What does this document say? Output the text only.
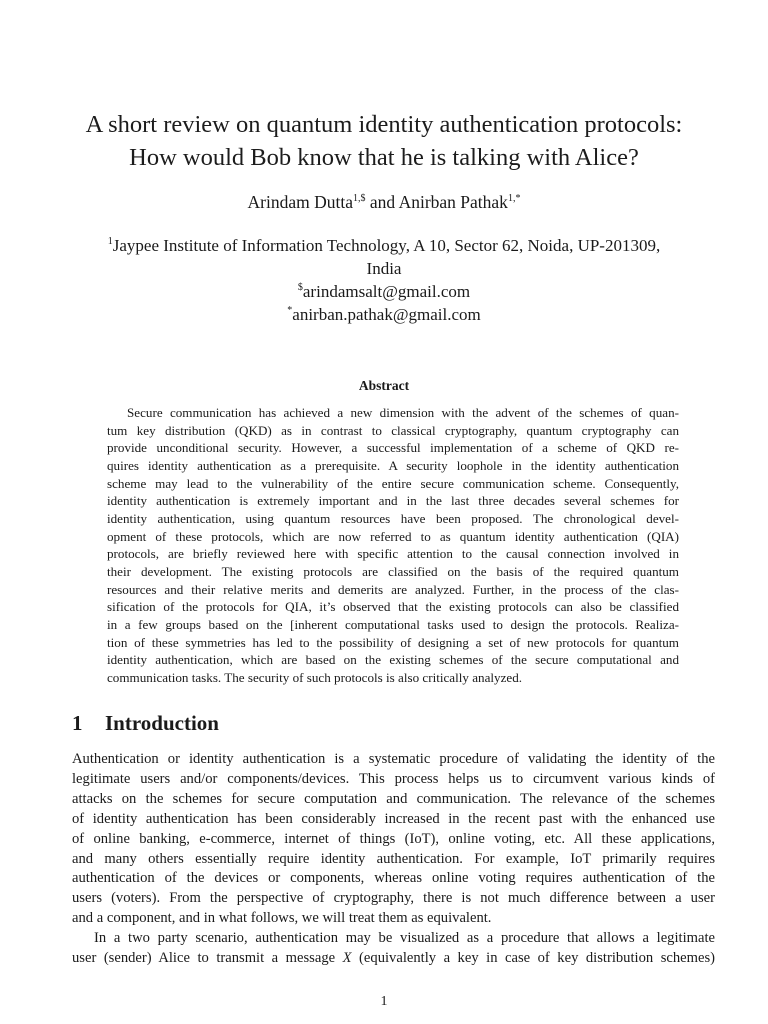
A short review on quantum identity authentication protocols:
How would Bob know that he is talking with Alice?
Arindam Dutta$^{1,\$}$ and Anirban Pathak$^{1,*}$
$^1$Jaypee Institute of Information Technology, A 10, Sector 62, Noida, UP-201309,
India
$arindamsalt@gmail.com
*anirban.pathak@gmail.com
Abstract
Secure communication has achieved a new dimension with the advent of the schemes of quan-
tum key distribution (QKD) as in contrast to classical cryptography, quantum cryptography can
provide unconditional security. However, a successful implementation of a scheme of QKD re-
quires identity authentication as a prerequisite. A security loophole in the identity authentication
scheme may lead to the vulnerability of the entire secure communication scheme. Consequently,
identity authentication is extremely important and in the last three decades several schemes for
identity authentication, using quantum resources have been proposed. The chronological devel-
opment of these protocols, which are now referred to as quantum identity authentication (QIA)
protocols, are briefly reviewed here with specific attention to the causal connection involved in
their development. The existing protocols are classified on the basis of the required quantum
resources and their relative merits and demerits are analyzed. Further, in the process of the clas-
sification of the protocols for QIA, it’s observed that the existing protocols can also be classified
in a few groups based on the [inherent computational tasks used to design the protocols. Realiza-
tion of these symmetries has led to the possibility of designing a set of new protocols for quantum
identity authentication, which are based on the existing schemes of the secure computational and
communication tasks. The security of such protocols is also critically analyzed.
1 Introduction
Authentication or identity authentication is a systematic procedure of validating the identity of the
legitimate users and/or components/devices. This process helps us to circumvent various kinds of
attacks on the schemes for secure computation and communication. The relevance of the schemes
of identity authentication has been considerably increased in the recent past with the enhanced use
of online banking, e-commerce, internet of things (IoT), online voting, etc. All these applications,
and many others essentially require identity authentication. For example, IoT primarily requires
authentication of the devices or components, whereas online voting requires authentication of the
users (voters). From the perspective of cryptography, there is not much difference between a user
and a component, and in what follows, we will treat them as equivalent.
In a two party scenario, authentication may be visualized as a procedure that allows a legitimate
user (sender) Alice to transmit a message X (equivalently a key in case of key distribution schemes)
1
